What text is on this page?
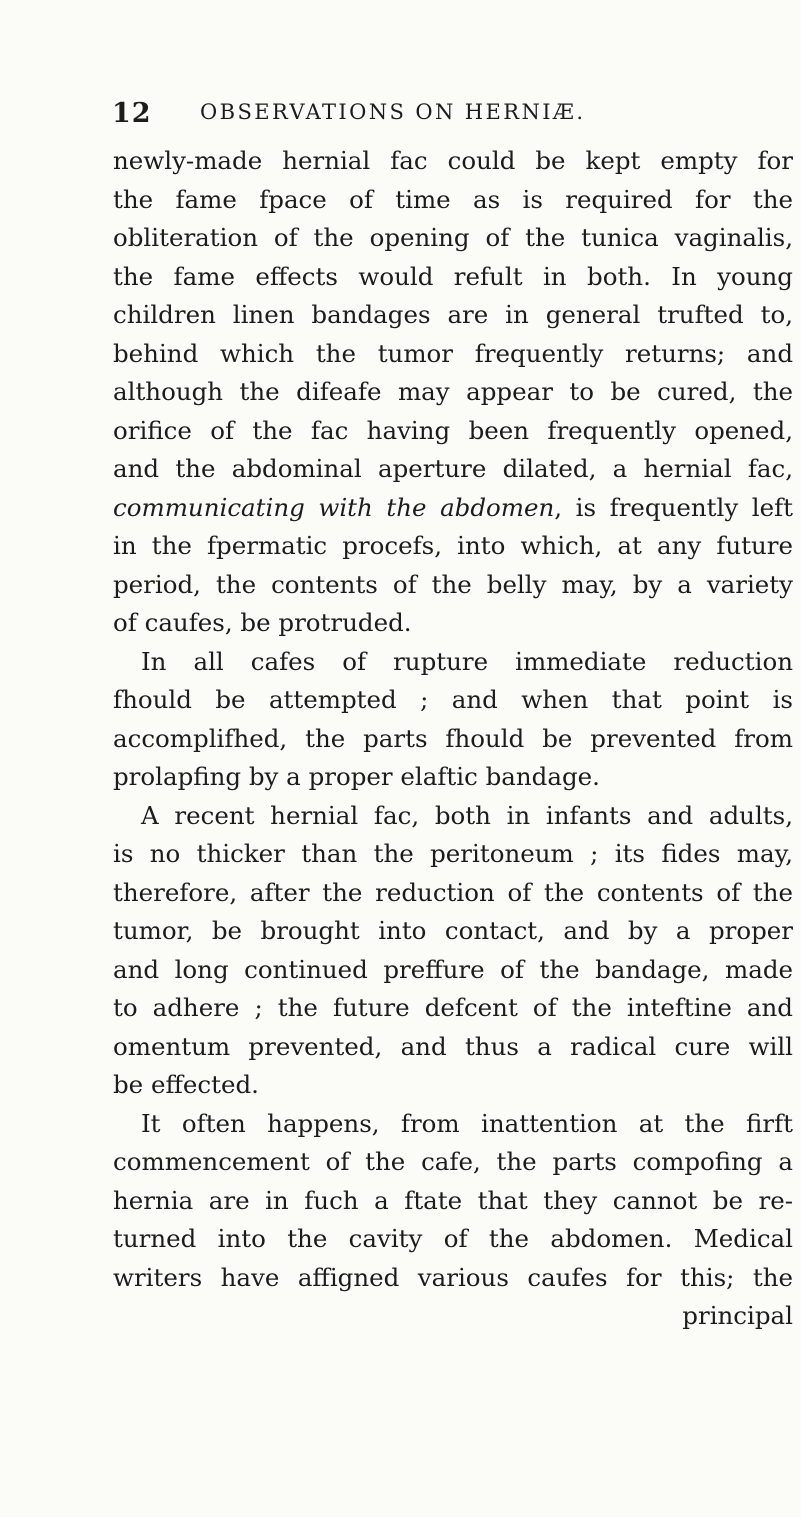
12 OBSERVATIONS ON HERNIÆ.
newly-made hernial fac could be kept empty for
the fame fpace of time as is required for the
obliteration of the opening of the tunica vaginalis,
the fame effects would refult in both. In young
children linen bandages are in general trufted to,
behind which the tumor frequently returns; and
although the difeafe may appear to be cured, the
orifice of the fac having been frequently opened,
and the abdominal aperture dilated, a hernial fac,
communicating with the abdomen, is frequently left
in the fpermatic procefs, into which, at any future
period, the contents of the belly may, by a variety
of caufes, be protruded.
In all cafes of rupture immediate reduction
fhould be attempted ; and when that point is
accomplifhed, the parts fhould be prevented from
prolapfing by a proper elaftic bandage.
A recent hernial fac, both in infants and adults,
is no thicker than the peritoneum ; its fides may,
therefore, after the reduction of the contents of the
tumor, be brought into contact, and by a proper
and long continued preffure of the bandage, made
to adhere ; the future defcent of the inteftine and
omentum prevented, and thus a radical cure will
be effected.
It often happens, from inattention at the firft
commencement of the cafe, the parts compofing a
hernia are in fuch a ftate that they cannot be re-
turned into the cavity of the abdomen. Medical
writers have affigned various caufes for this; the
principal
